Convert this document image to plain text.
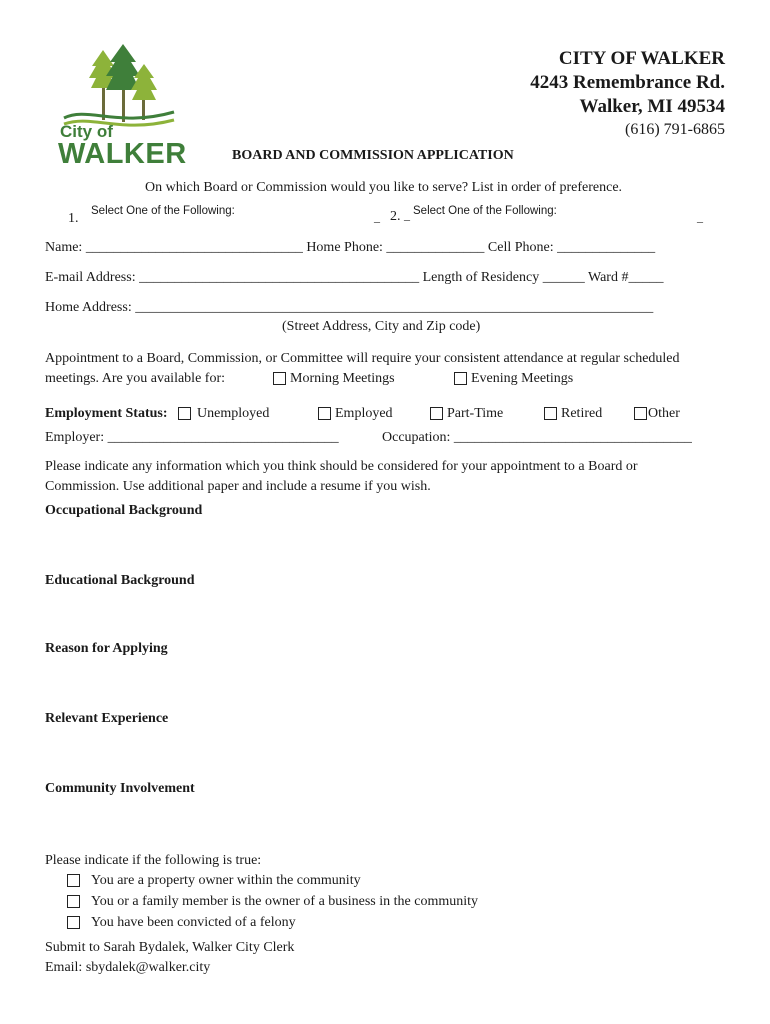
City of
WALKER
CITY OF WALKER
4243 Remembrance Rd.
Walker, MI 49534
(616) 791-6865
BOARD AND COMMISSION APPLICATION
On which Board or Commission would you like to serve? List in order of preference.
1. Select One of the Following:	_ 2. _ Select One of the Following:	_
Name: _______________________________ Home Phone: ______________ Cell Phone: ______________
E-mail Address: ________________________________________ Length of Residency ______ Ward #_____
Home Address: __________________________________________________________________________
(Street Address, City and Zip code)
Appointment to a Board, Commission, or Committee will require your consistent attendance at regular scheduled
meetings. Are you available for:	Morning Meetings	Evening Meetings
Employment Status: Unemployed	Employed	Part-Time	Retired	Other
Employer: _________________________________	Occupation: __________________________________
Please indicate any information which you think should be considered for your appointment to a Board or
Commission. Use additional paper and include a resume if you wish.
Occupational Background
Educational Background
Reason for Applying
Relevant Experience
Community Involvement
Please indicate if the following is true:
You are a property owner within the community
You or a family member is the owner of a business in the community
You have been convicted of a felony
Submit to Sarah Bydalek, Walker City Clerk
Email: sbydalek@walker.city
